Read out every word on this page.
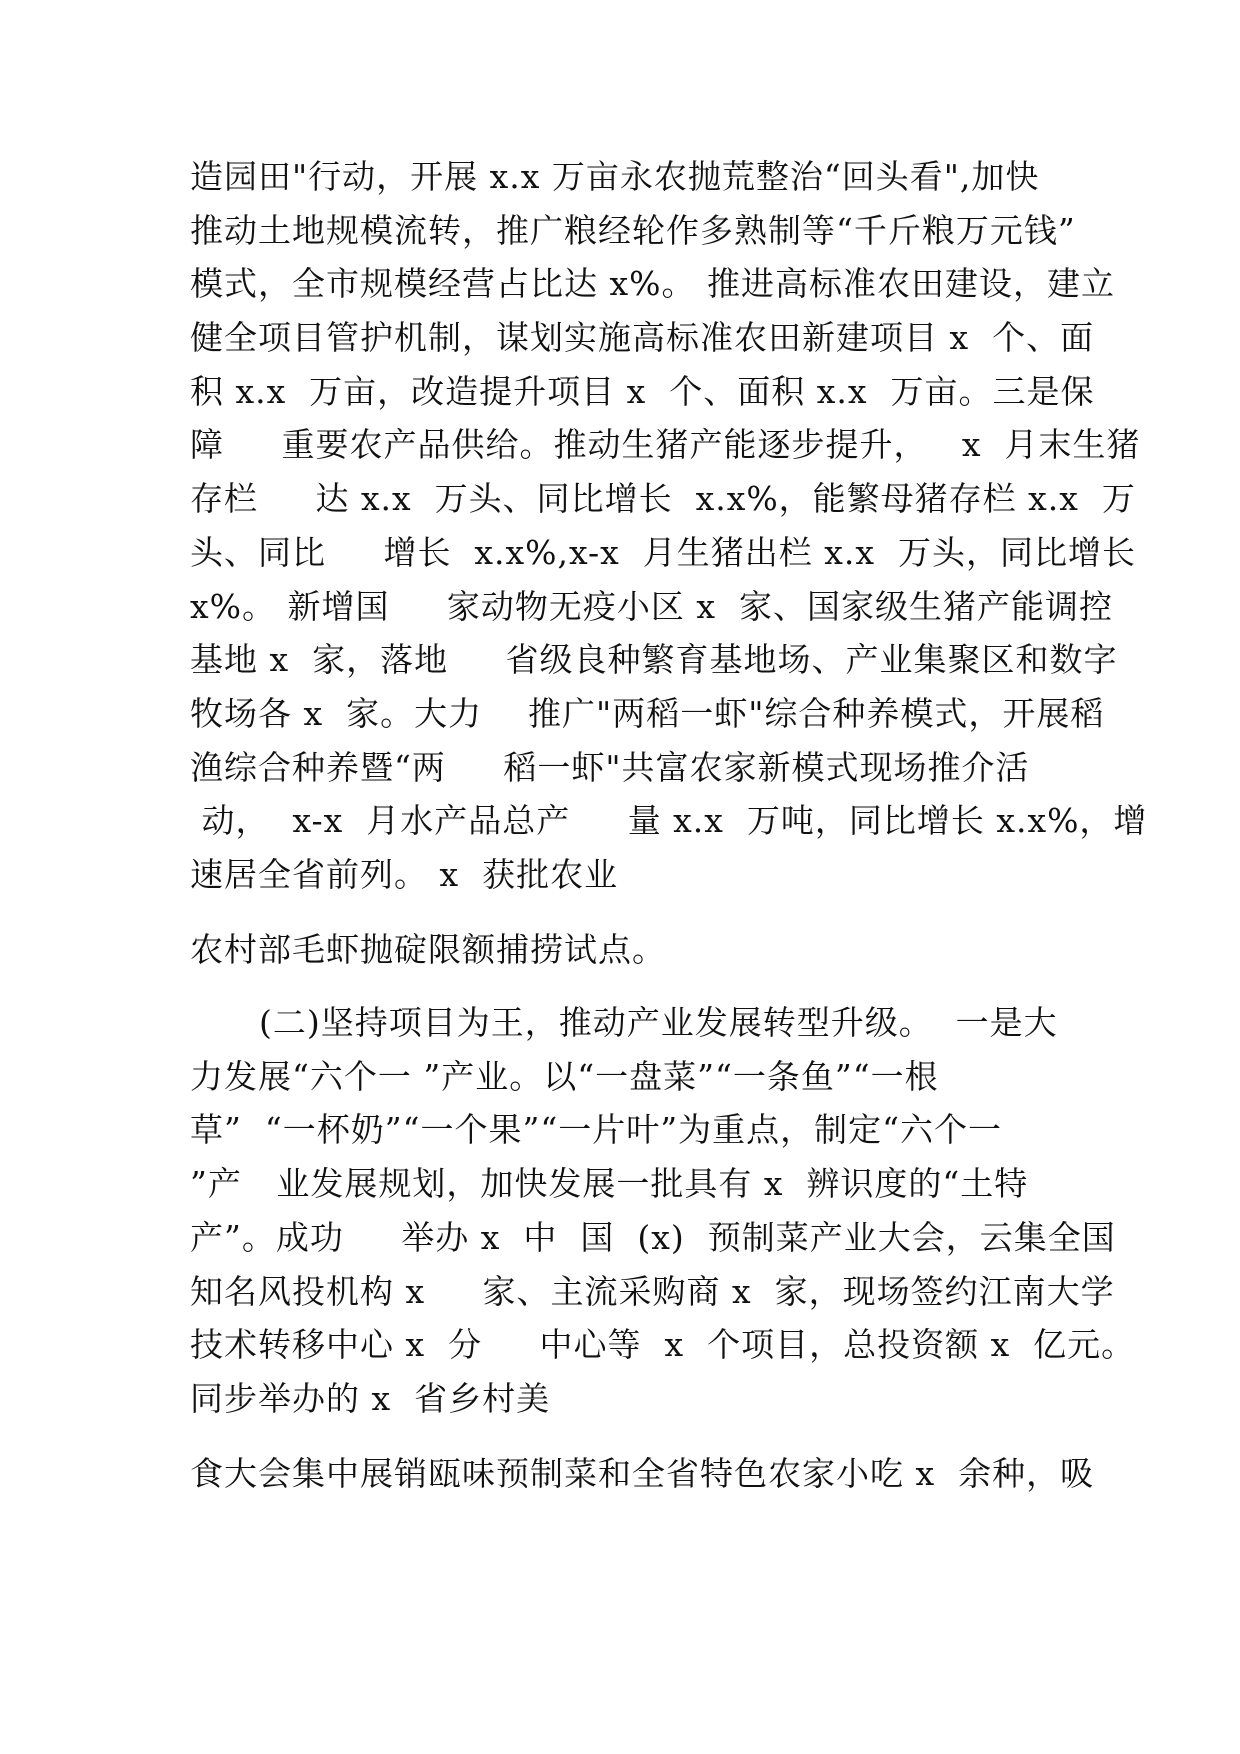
造园田"行动，开展 x.x 万亩永农抛荒整治“回头看",加快
推动土地规模流转，推广粮经轮作多熟制等“千斤粮万元钱”
模式，全市规模经营占比达 x%。 推进高标准农田建设，建立
健全项目管护机制，谋划实施高标准农田新建项目 x  个、面
积 x.x  万亩，改造提升项目 x  个、面积 x.x  万亩。三是保
障     重要农产品供给。推动生猪产能逐步提升，   x  月末生猪
存栏     达 x.x  万头、同比增长  x.x%，能繁母猪存栏 x.x  万
头、同比     增长  x.x%,x-x  月生猪出栏 x.x  万头，同比增长
x%。 新增国     家动物无疫小区 x  家、国家级生猪产能调控
基地 x  家，落地     省级良种繁育基地场、产业集聚区和数字
牧场各 x  家。大力    推广"两稻一虾"综合种养模式，开展稻
渔综合种养暨“两     稻一虾"共富农家新模式现场推介活
动，  x-x  月水产品总产     量 x.x  万吨，同比增长 x.x%，增
速居全省前列。 x  获批农业
农村部毛虾抛碇限额捕捞试点。
(二)坚持项目为王，推动产业发展转型升级。  一是大
力发展“六个一 ”产业。以“一盘菜”“一条鱼”“一根
草”  “一杯奶”“一个果”“一片叶”为重点，制定“六个一
”产   业发展规划，加快发展一批具有 x  辨识度的“土特
产”。成功     举办 x  中  国  (x)  预制菜产业大会，云集全国
知名风投机构 x     家、主流采购商 x  家，现场签约江南大学
技术转移中心 x  分     中心等  x  个项目，总投资额 x  亿元。
同步举办的 x  省乡村美
食大会集中展销瓯味预制菜和全省特色农家小吃 x  余种，吸
